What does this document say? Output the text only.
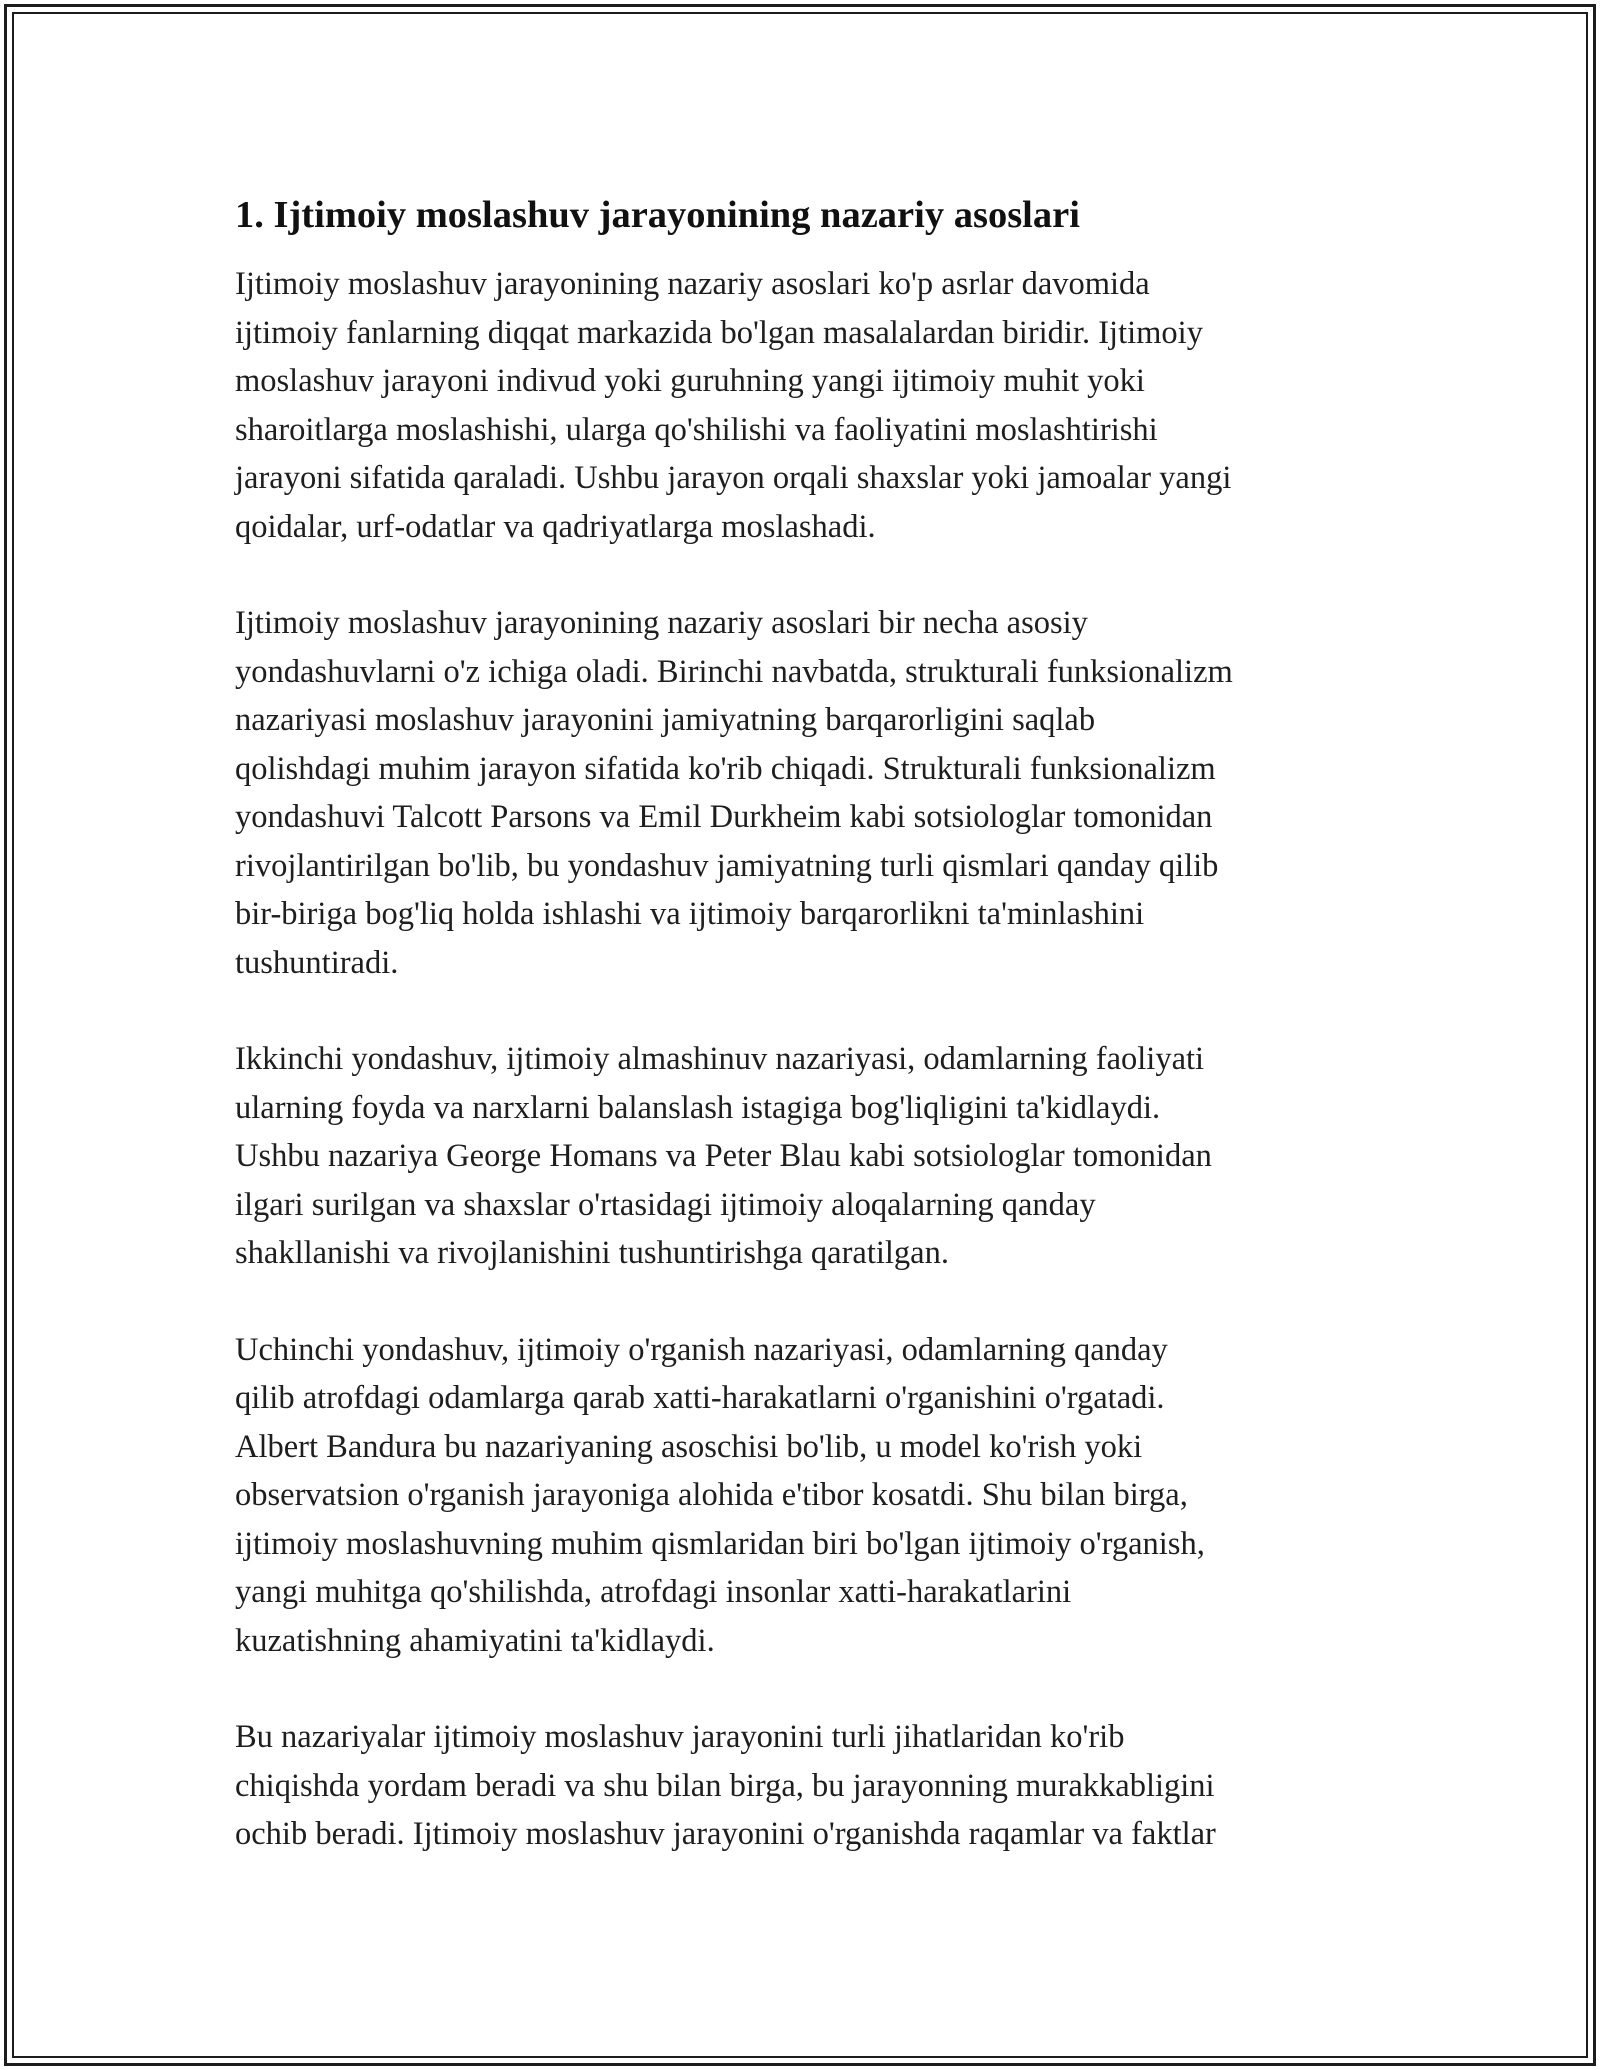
1. Ijtimoiy moslashuv jarayonining nazariy asoslari

Ijtimoiy moslashuv jarayonining nazariy asoslari ko'p asrlar davomida
ijtimoiy fanlarning diqqat markazida bo'lgan masalalardan biridir. Ijtimoiy
moslashuv jarayoni indivud yoki guruhning yangi ijtimoiy muhit yoki
sharoitlarga moslashishi, ularga qo'shilishi va faoliyatini moslashtirishi
jarayoni sifatida qaraladi. Ushbu jarayon orqali shaxslar yoki jamoalar yangi
qoidalar, urf-odatlar va qadriyatlarga moslashadi.

Ijtimoiy moslashuv jarayonining nazariy asoslari bir necha asosiy
yondashuvlarni o'z ichiga oladi. Birinchi navbatda, strukturali funksionalizm
nazariyasi moslashuv jarayonini jamiyatning barqarorligini saqlab
qolishdagi muhim jarayon sifatida ko'rib chiqadi. Strukturali funksionalizm
yondashuvi Talcott Parsons va Emil Durkheim kabi sotsiologlar tomonidan
rivojlantirilgan bo'lib, bu yondashuv jamiyatning turli qismlari qanday qilib
bir-biriga bog'liq holda ishlashi va ijtimoiy barqarorlikni ta'minlashini
tushuntiradi.

Ikkinchi yondashuv, ijtimoiy almashinuv nazariyasi, odamlarning faoliyati
ularning foyda va narxlarni balanslash istagiga bog'liqligini ta'kidlaydi.
Ushbu nazariya George Homans va Peter Blau kabi sotsiologlar tomonidan
ilgari surilgan va shaxslar o'rtasidagi ijtimoiy aloqalarning qanday
shakllanishi va rivojlanishini tushuntirishga qaratilgan.

Uchinchi yondashuv, ijtimoiy o'rganish nazariyasi, odamlarning qanday
qilib atrofdagi odamlarga qarab xatti-harakatlarni o'rganishini o'rgatadi.
Albert Bandura bu nazariyaning asoschisi bo'lib, u model ko'rish yoki
observatsion o'rganish jarayoniga alohida e'tibor kosatdi. Shu bilan birga,
ijtimoiy moslashuvning muhim qismlaridan biri bo'lgan ijtimoiy o'rganish,
yangi muhitga qo'shilishda, atrofdagi insonlar xatti-harakatlarini
kuzatishning ahamiyatini ta'kidlaydi.

Bu nazariyalar ijtimoiy moslashuv jarayonini turli jihatlaridan ko'rib
chiqishda yordam beradi va shu bilan birga, bu jarayonning murakkabligini
ochib beradi. Ijtimoiy moslashuv jarayonini o'rganishda raqamlar va faktlar
